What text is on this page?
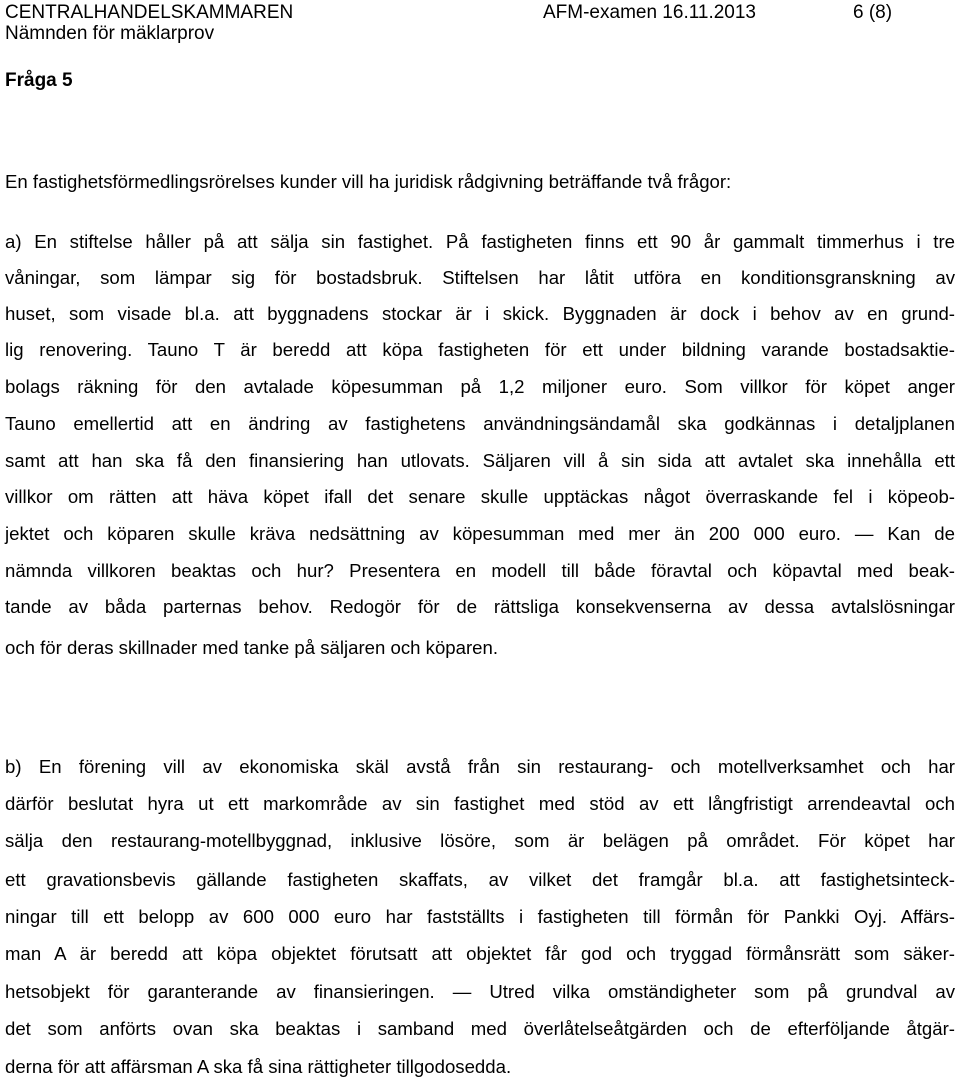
CENTRALHANDELSKAMMAREN	AFM-examen 16.11.2013	6 (8)
Nämnden för mäklarprov
Fråga 5
En fastighetsförmedlingsrörelses kunder vill ha juridisk rådgivning beträffande två frågor:
a) En stiftelse håller på att sälja sin fastighet. På fastigheten finns ett 90 år gammalt timmerhus i tre
våningar, som lämpar sig för bostadsbruk. Stiftelsen har låtit utföra en konditionsgranskning av
huset, som visade bl.a. att byggnadens stockar är i skick. Byggnaden är dock i behov av en grund-
lig renovering. Tauno T är beredd att köpa fastigheten för ett under bildning varande bostadsaktie-
bolags räkning för den avtalade köpesumman på 1,2 miljoner euro. Som villkor för köpet anger
Tauno emellertid att en ändring av fastighetens användningsändamål ska godkännas i detaljplanen
samt att han ska få den finansiering han utlovats. Säljaren vill å sin sida att avtalet ska innehålla ett
villkor om rätten att häva köpet ifall det senare skulle upptäckas något överraskande fel i köpeob-
jektet och köparen skulle kräva nedsättning av köpesumman med mer än 200 000 euro. — Kan de
nämnda villkoren beaktas och hur? Presentera en modell till både föravtal och köpavtal med beak-
tande av båda parternas behov. Redogör för de rättsliga konsekvenserna av dessa avtalslösningar
och för deras skillnader med tanke på säljaren och köparen.
b) En förening vill av ekonomiska skäl avstå från sin restaurang- och motellverksamhet och har
därför beslutat hyra ut ett markområde av sin fastighet med stöd av ett långfristigt arrendeavtal och
sälja den restaurang-motellbyggnad, inklusive lösöre, som är belägen på området. För köpet har
ett gravationsbevis gällande fastigheten skaffats, av vilket det framgår bl.a. att fastighetsinteck-
ningar till ett belopp av 600 000 euro har fastställts i fastigheten till förmån för Pankki Oyj. Affärs-
man A är beredd att köpa objektet förutsatt att objektet får god och tryggad förmånsrätt som säker-
hetsobjekt för garanterande av finansieringen. — Utred vilka omständigheter som på grundval av
det som anförts ovan ska beaktas i samband med överlåtelseåtgärden och de efterföljande åtgär-
derna för att affärsman A ska få sina rättigheter tillgodosedda.
